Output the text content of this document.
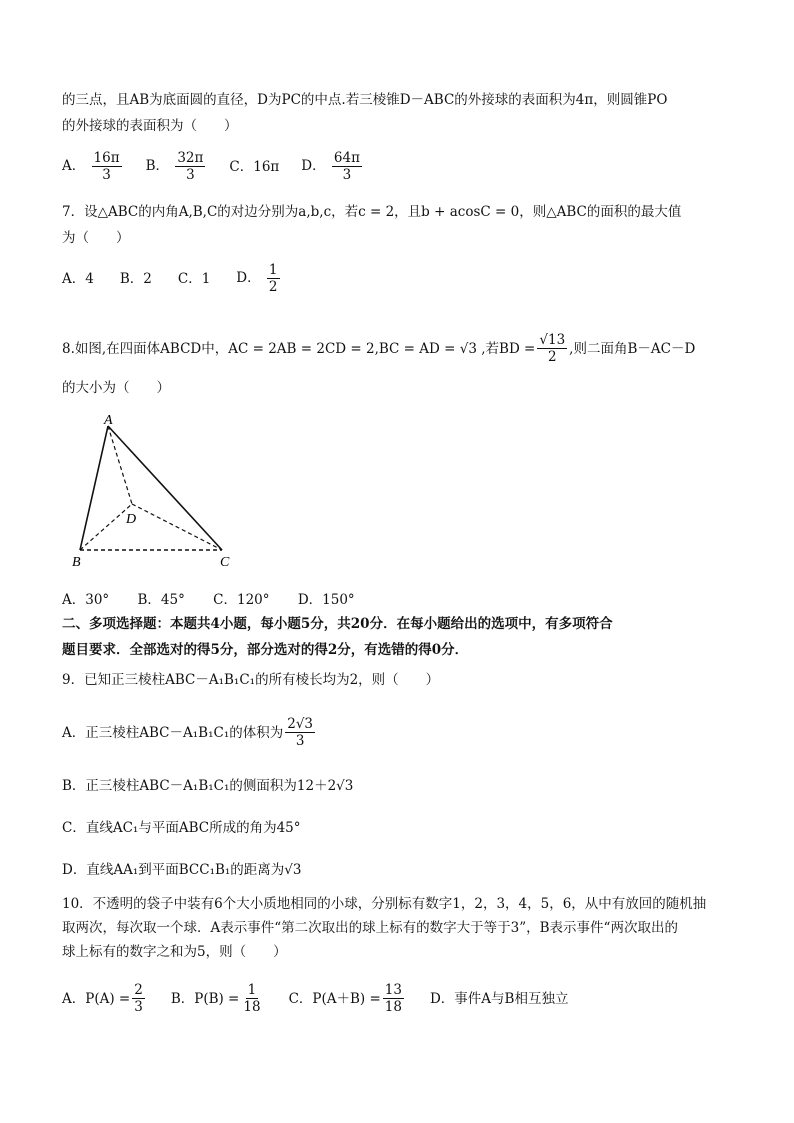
的三点，且AB为底面圆的直径，D为PC的中点.若三棱锥D－ABC的外接球的表面积为4π，则圆锥PO
的外接球的表面积为（　　）
A． $\frac{16\pi}{3}$ B． $\frac{32\pi}{3}$ C．16π D． $\frac{64\pi}{3}$
7．设△ABC的内角A,B,C的对边分别为a,b,c，若c = 2，且b + acosC = 0，则△ABC的面积的最大值
为（　　）
A．4 B．2 C．1 D． $\frac{1}{2}$
8.如图,在四面体ABCD中，AC = 2AB = 2CD = 2,BC = AD = √3 ,若BD = $\frac{√13}{2}$ ,则二面角B－AC－D
的大小为（　　）
A
B	C
D
A．30° B．45° C．120° D．150°
二、多项选择题：本题共4小题，每小题5分，共20分．在每小题给出的选项中，有多项符合
题目要求．全部选对的得5分，部分选对的得2分，有选错的得0分．
9．已知正三棱柱ABC－A₁B₁C₁的所有棱长均为2，则（　　）
A．正三棱柱ABC－A₁B₁C₁的体积为 $\frac{2√3}{3}$
B．正三棱柱ABC－A₁B₁C₁的侧面积为12＋2√3
C．直线AC₁与平面ABC所成的角为45°
D．直线AA₁到平面BCC₁B₁的距离为√3
10．不透明的袋子中装有6个大小质地相同的小球，分别标有数字1，2，3，4，5，6，从中有放回的随机抽
取两次，每次取一个球．A表示事件“第二次取出的球上标有的数字大于等于3”，B表示事件“两次取出的
球上标有的数字之和为5，则（　　）
A．$P(A) = \frac{2}{3}$ B．$P(B) = \frac{1}{18}$ C．$P(A+B) = \frac{13}{18}$ D．事件A与B相互独立
